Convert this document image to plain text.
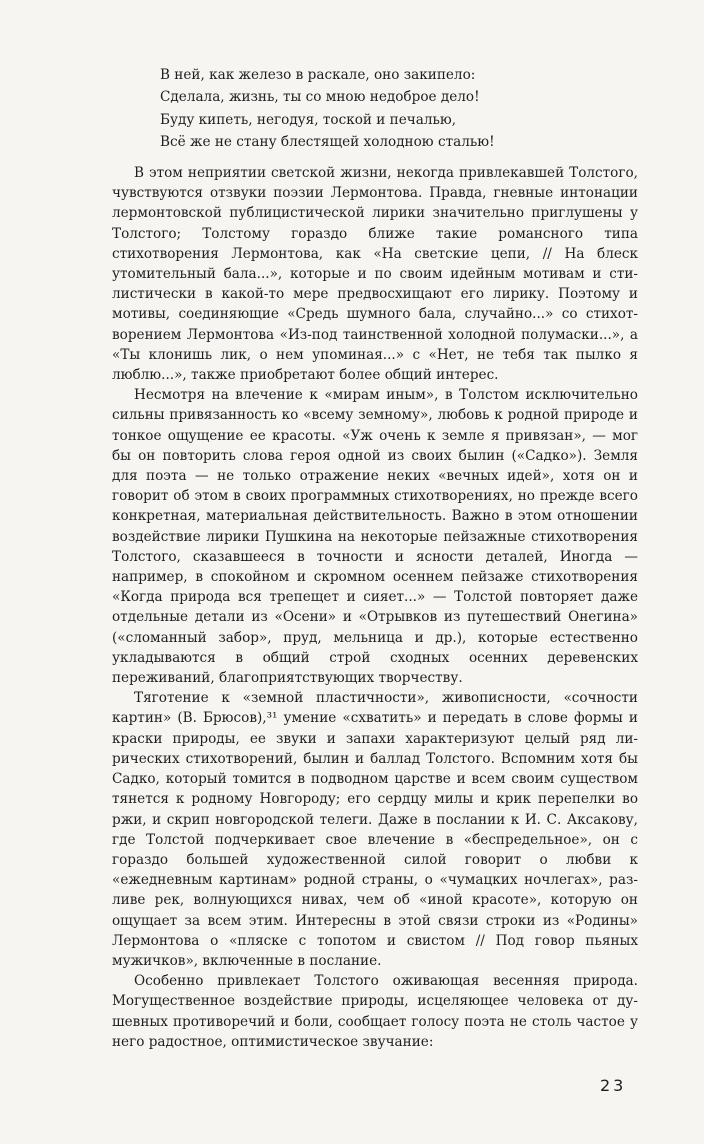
В ней, как железо в раскале, оно закипело:

Сделала, жизнь, ты со мною недоброе дело!

Буду кипеть, негодуя, тоской и печалью,

Всё же не стану блестящей холодною сталью!

В этом неприятии светской жизни, некогда привлекавшей Толстого, чувствуются отзвуки поэзии Лермонтова. Правда, гневные интонации лермонтовской публицистической лирики значительно приглушены у Толстого; Толстому гораздо ближе такие романсного типа стихотворения Лермонтова, как «На светские цепи, // На блеск утомительный бала...», которые и по своим идейным мотивам и стилистически в какой-то мере предвосхищают его лирику. Поэтому и мотивы, соединяющие «Средь шумного бала, случайно...» со стихотворением Лермонтова «Из-под таинственной холодной полумаски...», а «Ты клонишь лик, о нем упоминая...» с «Нет, не тебя так пылко я люблю...», также приобретают более общий интерес.

Несмотря на влечение к «мирам иным», в Толстом исключительно сильны привязанность ко «всему земному», любовь к родной природе и тонкое ощущение ее красоты. «Уж очень к земле я привязан», — мог бы он повторить слова героя одной из своих былин («Садко»). Земля для поэта — не только отражение неких «вечных идей», хотя он и говорит об этом в своих программных стихотворениях, но прежде всего конкретная, материальная действительность. Важно в этом отношении воздействие лирики Пушкина на некоторые пейзажные стихотворения Толстого, сказавшееся в точности и ясности деталей, Иногда — например, в спокойном и скромном осеннем пейзаже стихотворения «Когда природа вся трепещет и сияет...» — Толстой повторяет даже отдельные детали из «Осени» и «Отрывков из путешествий Онегина» («сломанный забор», пруд, мельница и др.), которые естественно укладываются в общий строй сходных осенних деревенских переживаний, благоприятствующих творчеству.

Тяготение к «земной пластичности», живописности, «сочности картин» (В. Брюсов),³¹ умение «схватить» и передать в слове формы и краски природы, ее звуки и запахи характеризуют целый ряд лирических стихотворений, былин и баллад Толстого. Вспомним хотя бы Садко, который томится в подводном царстве и всем своим существом тянется к родному Новгороду; его сердцу милы и крик перепелки во ржи, и скрип новгородской телеги. Даже в послании к И. С. Аксакову, где Толстой подчеркивает свое влечение в «беспредельное», он с гораздо большей художественной силой говорит о любви к «ежедневным картинам» родной страны, о «чумацких ночлегах», разливе рек, волнующихся нивах, чем об «иной красоте», которую он ощущает за всем этим. Интересны в этой связи строки из «Родины» Лермонтова о «пляске с топотом и свистом // Под говор пьяных мужичков», включенные в послание.

Особенно привлекает Толстого оживающая весенняя природа. Могущественное воздействие природы, исцеляющее человека от душевных противоречий и боли, сообщает голосу поэта не столь частое у него радостное, оптимистическое звучание:

23
